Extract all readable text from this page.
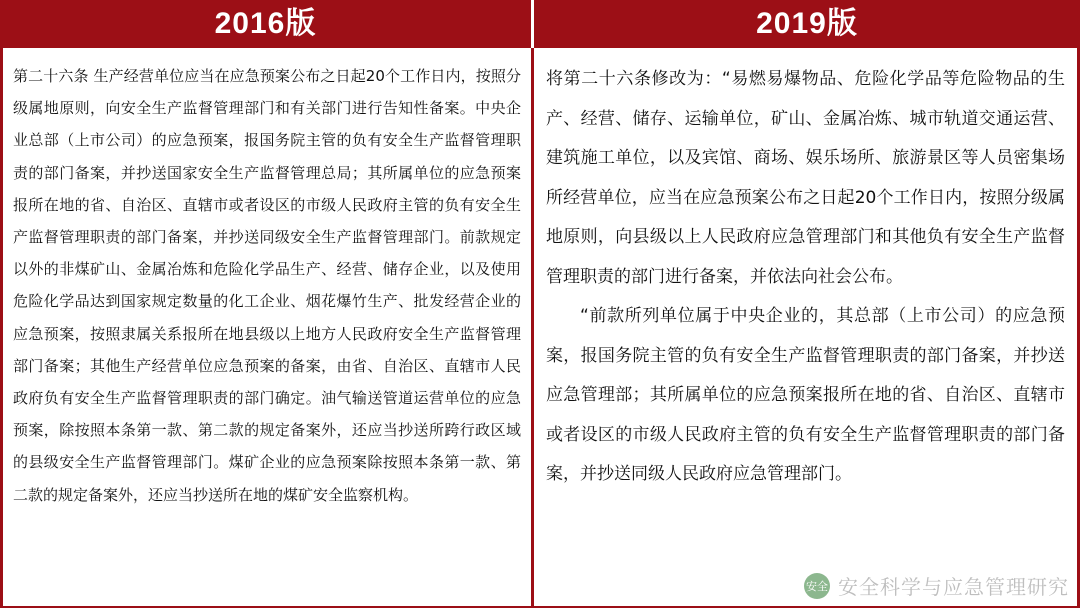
2016版	2019版

第二十六条 生产经营单位应当在应急预案公布之日起20个工作日内，按照分级属地原则，向安全生产监督管理部门和有关部门进行告知性备案。中央企业总部（上市公司）的应急预案，报国务院主管的负有安全生产监督管理职责的部门备案，并抄送国家安全生产监督管理总局；其所属单位的应急预案报所在地的省、自治区、直辖市或者设区的市级人民政府主管的负有安全生产监督管理职责的部门备案，并抄送同级安全生产监督管理部门。前款规定以外的非煤矿山、金属冶炼和危险化学品生产、经营、储存企业，以及使用危险化学品达到国家规定数量的化工企业、烟花爆竹生产、批发经营企业的应急预案，按照隶属关系报所在地县级以上地方人民政府安全生产监督管理部门备案；其他生产经营单位应急预案的备案，由省、自治区、直辖市人民政府负有安全生产监督管理职责的部门确定。油气输送管道运营单位的应急预案，除按照本条第一款、第二款的规定备案外，还应当抄送所跨行政区域的县级安全生产监督管理部门。煤矿企业的应急预案除按照本条第一款、第二款的规定备案外，还应当抄送所在地的煤矿安全监察机构。

将第二十六条修改为：“易燃易爆物品、危险化学品等危险物品的生产、经营、储存、运输单位，矿山、金属冶炼、城市轨道交通运营、建筑施工单位，以及宾馆、商场、娱乐场所、旅游景区等人员密集场所经营单位，应当在应急预案公布之日起20个工作日内，按照分级属地原则，向县级以上人民政府应急管理部门和其他负有安全生产监督管理职责的部门进行备案，并依法向社会公布。

“前款所列单位属于中央企业的，其总部（上市公司）的应急预案，报国务院主管的负有安全生产监督管理职责的部门备案，并抄送应急管理部；其所属单位的应急预案报所在地的省、自治区、直辖市或者设区的市级人民政府主管的负有安全生产监督管理职责的部门备案，并抄送同级人民政府应急管理部门。

安全 安全科学与应急管理研究
